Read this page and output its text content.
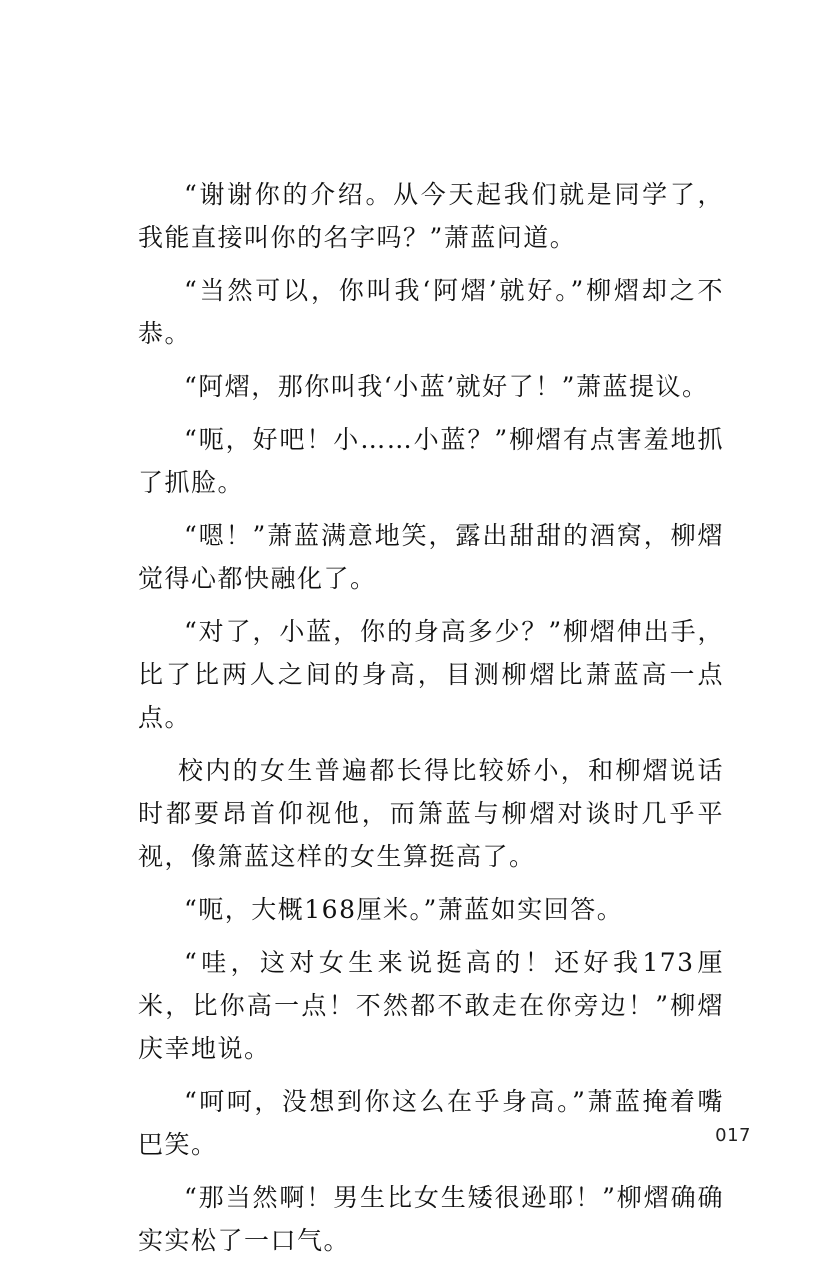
“谢谢你的介绍。从今天起我们就是同学了，我能直接叫你的名字吗？”萧蓝问道。

“当然可以，你叫我‘阿熠’就好。”柳熠却之不恭。

“阿熠，那你叫我‘小蓝’就好了！”萧蓝提议。

“呃，好吧！小……小蓝？”柳熠有点害羞地抓了抓脸。

“嗯！”萧蓝满意地笑，露出甜甜的酒窝，柳熠觉得心都快融化了。

“对了，小蓝，你的身高多少？”柳熠伸出手，比了比两人之间的身高，目测柳熠比萧蓝高一点点。

校内的女生普遍都长得比较娇小，和柳熠说话时都要昂首仰视他，而箫蓝与柳熠对谈时几乎平视，像箫蓝这样的女生算挺高了。

“呃，大概168厘米。”萧蓝如实回答。

“哇，这对女生来说挺高的！还好我173厘米，比你高一点！不然都不敢走在你旁边！”柳熠庆幸地说。

“呵呵，没想到你这么在乎身高。”萧蓝掩着嘴巴笑。

“那当然啊！男生比女生矮很逊耶！”柳熠确确实实松了一口气。

017
